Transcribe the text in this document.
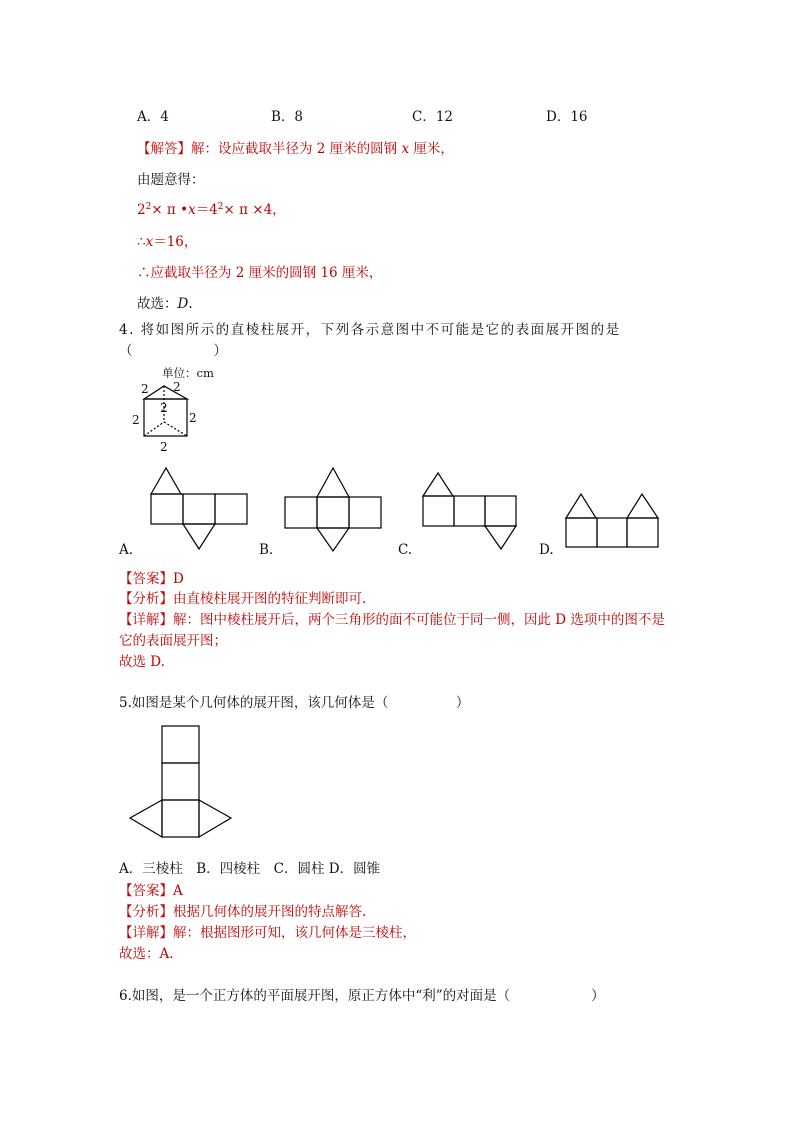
A．4	B．8	C．12	D．16
【解答】解：设应截取半径为 2 厘米的圆钢 x 厘米，
由题意得：
$2^2\times \pi$ $•x=4^2\times \pi \times 4$，
∴x＝16，
∴应截取半径为 2 厘米的圆钢 16 厘米，
故选：D.
4. 将如图所示的直棱柱展开，下列各示意图中不可能是它的表面展开图的是
（　　　　　　）
单位：cm
2 2
2
2	2
2
A.	B.	C.	D.
【答案】D
【分析】由直棱柱展开图的特征判断即可.
【详解】解：图中棱柱展开后，两个三角形的面不可能位于同一侧，因此 D 选项中的图不是
它的表面展开图；
故选 D.
5.如图是某个几何体的展开图，该几何体是（　　　　　）
A．三棱柱　B．四棱柱　C．圆柱 D．圆锥
【答案】A
【分析】根据几何体的展开图的特点解答.
【详解】解：根据图形可知，该几何体是三棱柱，
故选：A.
6.如图，是一个正方体的平面展开图，原正方体中“利”的对面是（　　　　　　）
